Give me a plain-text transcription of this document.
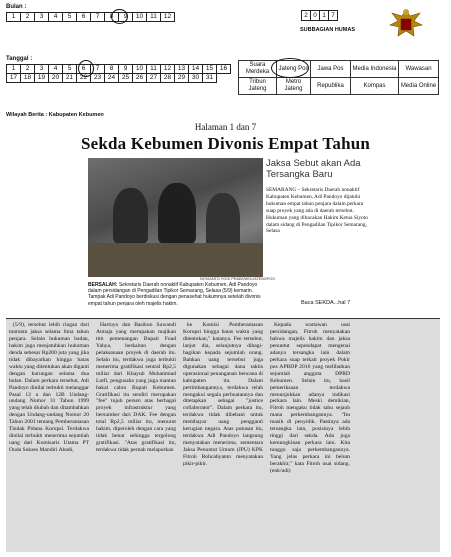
Bulan :
1	2	3	4	5	6	7	8	9	10	11	12	2	0	1	7
SUBBAGIAN HUMAS
Tanggal :
1	2	3	4	5	6	7	8	9	10	11	12	13	14	15	16
17	18	19	20	21	22	23	24	25	26	27	28	29	30	31	
Suara Merdeka	Jateng Pos	Jawa Pos	Media Indonesia	Wawasan
Tribun Jateng	Metro Jateng	Republika	Kompas	Media Online
Wilayah Berita : Kabupaten Kebumen
Halaman 1 dan 7
Sekda Kebumen Divonis Empat Tahun
NOVIANTO YOGI PRABOWO/JATENGPOS
BERSALAH: Sekretaris Daerah nonaktif Kabupaten Kebumen, Adi Pandoyo dalam persidangan di Pengadilan Tipikor Semarang, Selasa (5/9) kemarin. Tampak Adi Pandoyo berdiskusi dengan penasehat hukumnya setelah divonis empat tahun penjara oleh majelis hakim.
Jaksa Sebut akan Ada Tersangka Baru
SEMARANG – Sekretaris Daerah nonaktif Kabupaten Kebumen, Adi Pandoyo dijatuhi hukuman empat tahun penjara dalam perkara suap proyek yang ada di daerah tersebut. Hukuman yang dibacakan Hakim Ketua Siyoto dalam sidang di Pengadilan Tipikor Semarang, Selasa
Baca SEKDA...hal 7
(5/9), tersebut lebih ringan dari tuntutan jaksa selama lima tahun penjara. Selain hukuman badan, hakim juga menjatuhkan hukuman denda sebesar Rp200 juta yang jika tidak dibayarkan hingga batas waktu yang ditentukan akan diganti dengan kurungan selama dua bulan. Dalam perkara tersebut, Adi Pandoyo dinilai terbukti melanggar Pasal 12 a dan 12B Undang-undang Nomor 31 Tahun 1999 yang telah diubah dan ditambahkan dengan Undang-undang Nomor 20 Tahun 2001 tentang Pemberantasan Tindak Pidana Korupsi. Terdakwa dinilai terbukti menerima sejumlah uang dari Komisaris Utama PT Ouda Sukses Mandiri Abadi,
Hartoyo dan Basikun Suwandi Atmaja yang merupakan majikan tim pemenangan Bupati Fuad Yahya, berkaitan dengan pelaksanaan proyek di daerah itu. Selain itu, terdakwa juga terbukti menerima gratifikasi sentral Rp2,5 miliar dari Khayub Muhammad Lutfi, pengusaha yang juga mantan bakal calon Bupati Kebumen. Gratifikasi itu sendiri merupakan "fee" tujuh persen atas berbagai proyek infrastruktur yang bersumber dari DAK. Fee dengan total Rp2,5 miliar itu, menurut hakim, diperoleh dengan cara yang tidak benar sehingga tergolong gratifikasi. "Atas gratifikasi itu, terdakwa tidak pernah melaporkan
ke Komisi Pemberantasan Korupsi hingga batas waktu yang ditentukan," katanya. Fee tersebut, lanjut dia, selanjutnya dibagi-bagikan kepada sejumlah orang. Bahkan uang tersebut juga digunakan sebagai dana taktis operasional penanganan bencana di kabupaten itu. Dalam pertimbangannya, terdakwa telah mengakui segala perbuatannya dan ditetapkan sebagai "justice collaborator". Dalam perkara itu, terdakwa tidak dibebani untuk membayar uang pengganti kerugian negara. Atas putusan itu, terdakwa Adi Pandoyo langsung menyatakan menerima, sementara Jaksa Penuntut Umum (JPU) KPK Fitroh Rohcahyanto menyatakan pikir-pikir.
Kepada wartawan usai persidangan, Fitroh menyatakan bahwa majelis hakim dan jaksa penuntut sependapat mengenai adanya tersangka lain dalam perkara suap terkait proyek Pokir pos APBDP 2016 yang melibatkan sejumlah anggota DPRD Kebumen. Selain itu, hasil pemeriksaan terdakwa menunjukkan adanya indikasi perkara lain. Meski demikian, Fitroh mengaku tidak tahu sejauh mana perkembangannya. "Itu masih di penyidik. Pastinya ada tersangka lain, posisinya lebih tinggi dari sekda. Ada juga kemungkinan perkara lain. Kita tunggu saja perkembangannya. Yang jelas perkara ini belum berakhir," kata Fitroh usai sidang. (enk/udi)
